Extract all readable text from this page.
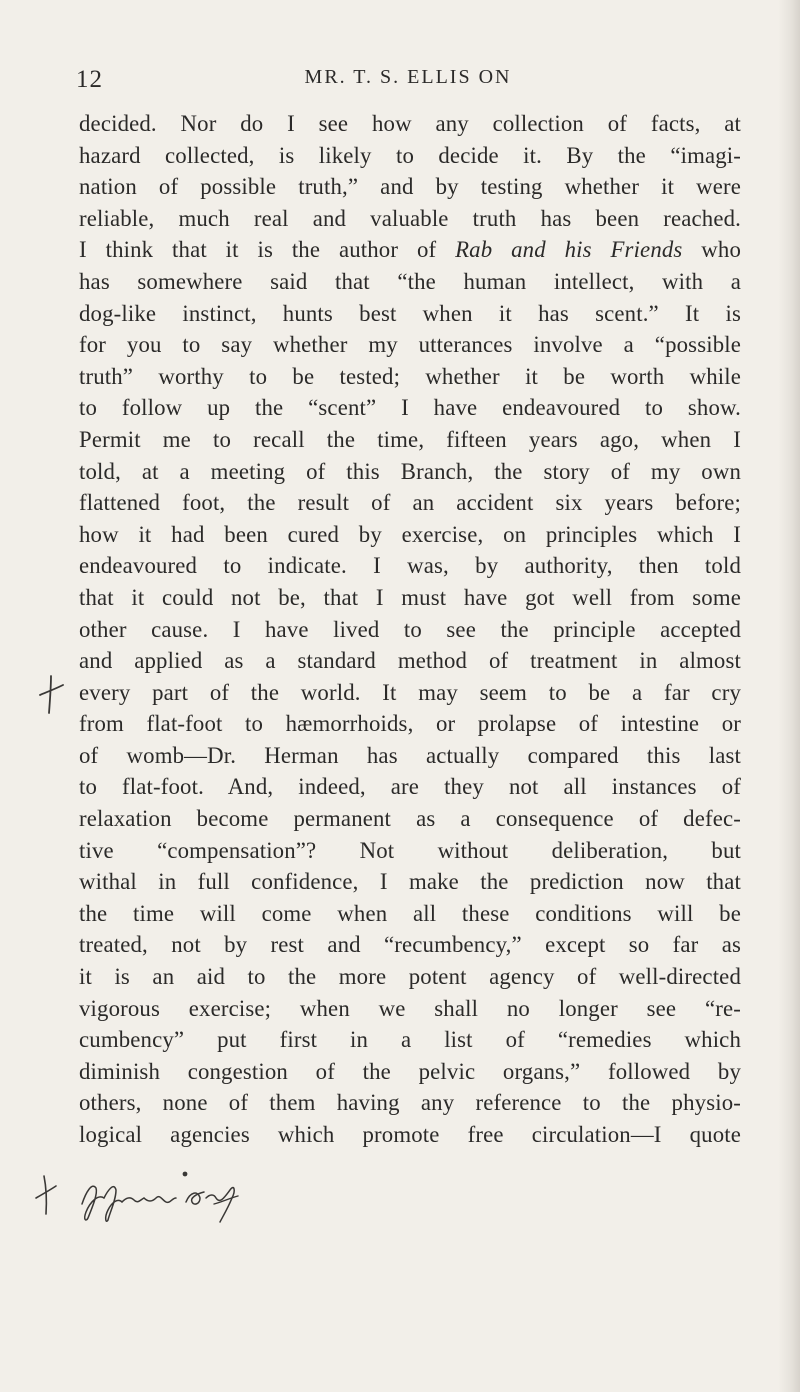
12	MR. T. S. ELLIS ON
decided. Nor do I see how any collection of facts, at
hazard collected, is likely to decide it. By the “imagi-
nation of possible truth,” and by testing whether it were
reliable, much real and valuable truth has been reached.
I think that it is the author of Rab and his Friends who
has somewhere said that “the human intellect, with a
dog-like instinct, hunts best when it has scent.” It is
for you to say whether my utterances involve a “possible
truth” worthy to be tested; whether it be worth while
to follow up the “scent” I have endeavoured to show.
Permit me to recall the time, fifteen years ago, when I
told, at a meeting of this Branch, the story of my own
flattened foot, the result of an accident six years before;
how it had been cured by exercise, on principles which I
endeavoured to indicate. I was, by authority, then told
that it could not be, that I must have got well from some
other cause. I have lived to see the principle accepted
and applied as a standard method of treatment in almost
every part of the world. It may seem to be a far cry
from flat-foot to hæmorrhoids, or prolapse of intestine or
of womb—Dr. Herman has actually compared this last
to flat-foot. And, indeed, are they not all instances of
relaxation become permanent as a consequence of defec-
tive “compensation”? Not without deliberation, but
withal in full confidence, I make the prediction now that
the time will come when all these conditions will be
treated, not by rest and “recumbency,” except so far as
it is an aid to the more potent agency of well-directed
vigorous exercise; when we shall no longer see “re-
cumbency” put first in a list of “remedies which
diminish congestion of the pelvic organs,” followed by
others, none of them having any reference to the physio-
logical agencies which promote free circulation—I quote
